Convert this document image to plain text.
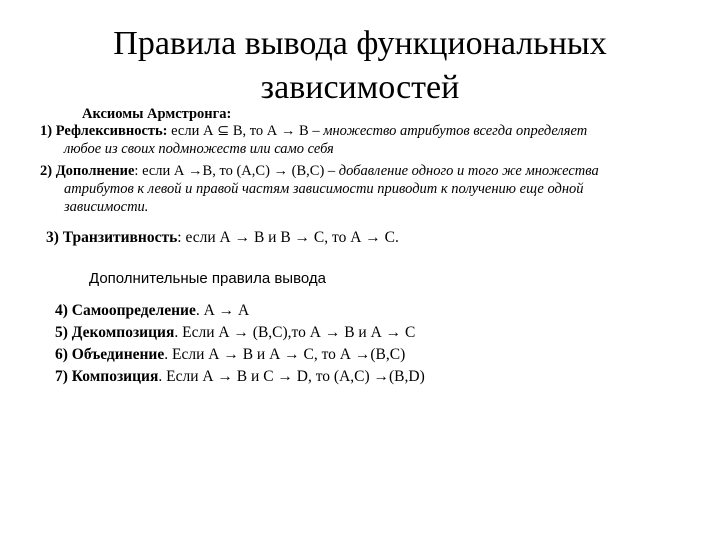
Правила вывода функциональных
зависимостей
Аксиомы Армстронга:
1) Рефлексивность: если А ⊆ В, то А → В – множество атрибутов всегда определяет
любое из своих подмножеств или само себя
2) Дополнение: если А →В, то (А,С) → (В,С) – добавление одного и того же множества
атрибутов к левой и правой частям зависимости приводит к получению еще одной
зависимости.
3) Транзитивность: если А → В и В → С, то А → С.
Дополнительные правила вывода
4) Самоопределение. А → А
5) Декомпозиция. Если А → (В,С),то А → В и А → С
6) Объединение. Если А → В и А → С, то А →(В,С)
7) Композиция. Если А → В и С → D, то (А,С) →(В,D)
